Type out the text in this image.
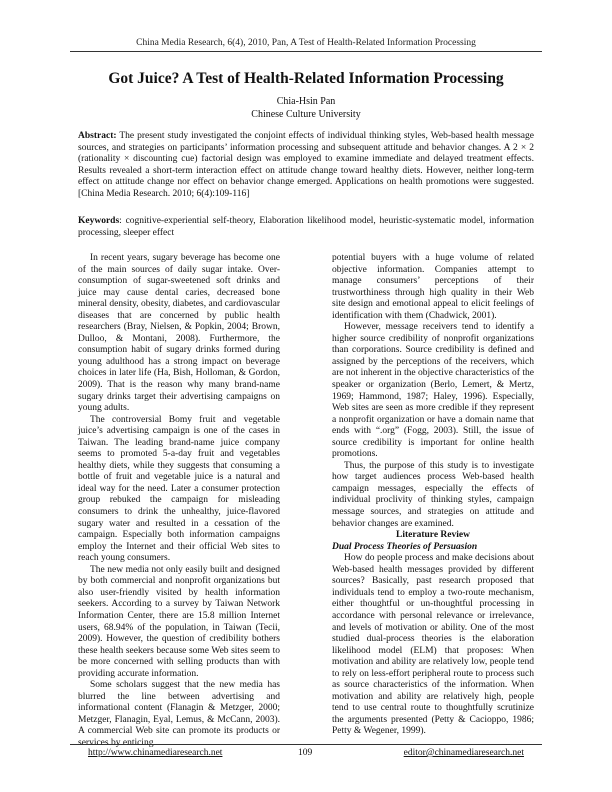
China Media Research, 6(4), 2010, Pan, A Test of Health-Related Information Processing
Got Juice? A Test of Health-Related Information Processing
Chia-Hsin Pan
Chinese Culture University

Abstract: The present study investigated the conjoint effects of individual thinking styles, Web-based health message sources, and strategies on participants’ information processing and subsequent attitude and behavior changes. A 2 × 2 (rationality × discounting cue) factorial design was employed to examine immediate and delayed treatment effects. Results revealed a short-term interaction effect on attitude change toward healthy diets. However, neither long-term effect on attitude change nor effect on behavior change emerged. Applications on health promotions were suggested. [China Media Research. 2010; 6(4):109-116]

Keywords: cognitive-experiential self-theory, Elaboration likelihood model, heuristic-systematic model, information processing, sleeper effect

In recent years, sugary beverage has become one of the main sources of daily sugar intake. Over-consumption of sugar-sweetened soft drinks and juice may cause dental caries, decreased bone mineral density, obesity, diabetes, and cardiovascular diseases that are concerned by public health researchers (Bray, Nielsen, & Popkin, 2004; Brown, Dulloo, & Montani, 2008). Furthermore, the consumption habit of sugary drinks formed during young adulthood has a strong impact on beverage choices in later life (Ha, Bish, Holloman, & Gordon, 2009). That is the reason why many brand-name sugary drinks target their advertising campaigns on young adults.

The controversial Bomy fruit and vegetable juice’s advertising campaign is one of the cases in Taiwan. The leading brand-name juice company seems to promoted 5-a-day fruit and vegetables healthy diets, while they suggests that consuming a bottle of fruit and vegetable juice is a natural and ideal way for the need. Later a consumer protection group rebuked the campaign for misleading consumers to drink the unhealthy, juice-flavored sugary water and resulted in a cessation of the campaign. Especially both information campaigns employ the Internet and their official Web sites to reach young consumers.

The new media not only easily built and designed by both commercial and nonprofit organizations but also user-friendly visited by health information seekers. According to a survey by Taiwan Network Information Center, there are 15.8 million Internet users, 68.94% of the population, in Taiwan (Tecii, 2009). However, the question of credibility bothers these health seekers because some Web sites seem to be more concerned with selling products than with providing accurate information.

Some scholars suggest that the new media has blurred the line between advertising and informational content (Flanagin & Metzger, 2000; Metzger, Flanagin, Eyal, Lemus, & McCann, 2003). A commercial Web site can promote its products or services by enticing

potential buyers with a huge volume of related objective information. Companies attempt to manage consumers’ perceptions of their trustworthiness through high quality in their Web site design and emotional appeal to elicit feelings of identification with them (Chadwick, 2001).

However, message receivers tend to identify a higher source credibility of nonprofit organizations than corporations. Source credibility is defined and assigned by the perceptions of the receivers, which are not inherent in the objective characteristics of the speaker or organization (Berlo, Lemert, & Mertz, 1969; Hammond, 1987; Haley, 1996). Especially, Web sites are seen as more credible if they represent a nonprofit organization or have a domain name that ends with “.org” (Fogg, 2003). Still, the issue of source credibility is important for online health promotions.

Thus, the purpose of this study is to investigate how target audiences process Web-based health campaign messages, especially the effects of individual proclivity of thinking styles, campaign message sources, and strategies on attitude and behavior changes are examined.

Literature Review

Dual Process Theories of Persuasion

How do people process and make decisions about Web-based health messages provided by different sources? Basically, past research proposed that individuals tend to employ a two-route mechanism, either thoughtful or un-thoughtful processing in accordance with personal relevance or irrelevance, and levels of motivation or ability. One of the most studied dual-process theories is the elaboration likelihood model (ELM) that proposes: When motivation and ability are relatively low, people tend to rely on less-effort peripheral route to process such as source characteristics of the information. When motivation and ability are relatively high, people tend to use central route to thoughtfully scrutinize the arguments presented (Petty & Cacioppo, 1986; Petty & Wegener, 1999).

http://www.chinamediaresearch.net	109	editor@chinamediaresearch.net
